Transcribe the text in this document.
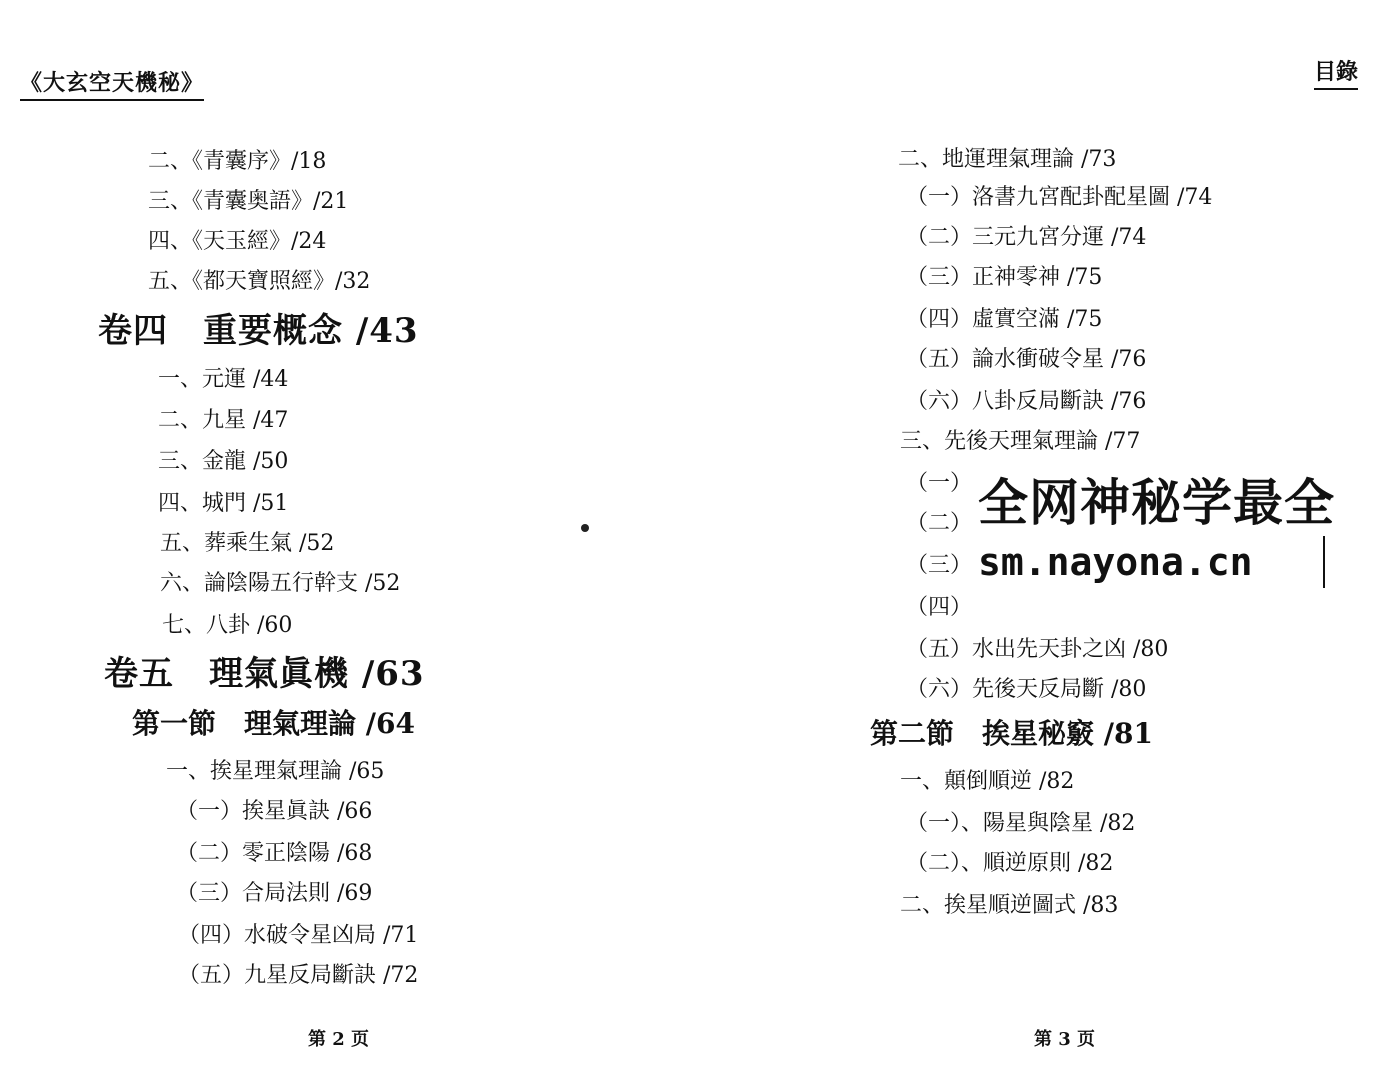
《大玄空天機秘》	目錄
二、《青囊序》/18
三、《青囊奥語》/21
四、《天玉經》/24
五、《都天寶照經》/32
卷四　重要概念 /43
一、元運 /44
二、九星 /47
三、金龍 /50
四、城門 /51
五、葬乘生氣 /52
六、論陰陽五行幹支 /52
七、八卦 /60
卷五　理氣眞機 /63
第一節　理氣理論 /64
一、挨星理氣理論 /65
（一）挨星眞訣 /66
（二）零正陰陽 /68
（三）合局法則 /69
（四）水破令星凶局 /71
（五）九星反局斷訣 /72
第 2 页
二、地運理氣理論 /73
（一）洛書九宮配卦配星圖 /74
（二）三元九宮分運 /74
（三）正神零神 /75
（四）虛實空滿 /75
（五）論水衝破令星 /76
（六）八卦反局斷訣 /76
三、先後天理氣理論 /77
（一）
（二）
（三）
（四）
（五）水出先天卦之凶 /80
（六）先後天反局斷 /80
第二節　挨星秘竅 /81
一、顛倒順逆 /82
（一）、陽星與陰星 /82
（二）、順逆原則 /82
二、挨星順逆圖式 /83
第 3 页
全网神秘学最全
sm.nayona.cn
